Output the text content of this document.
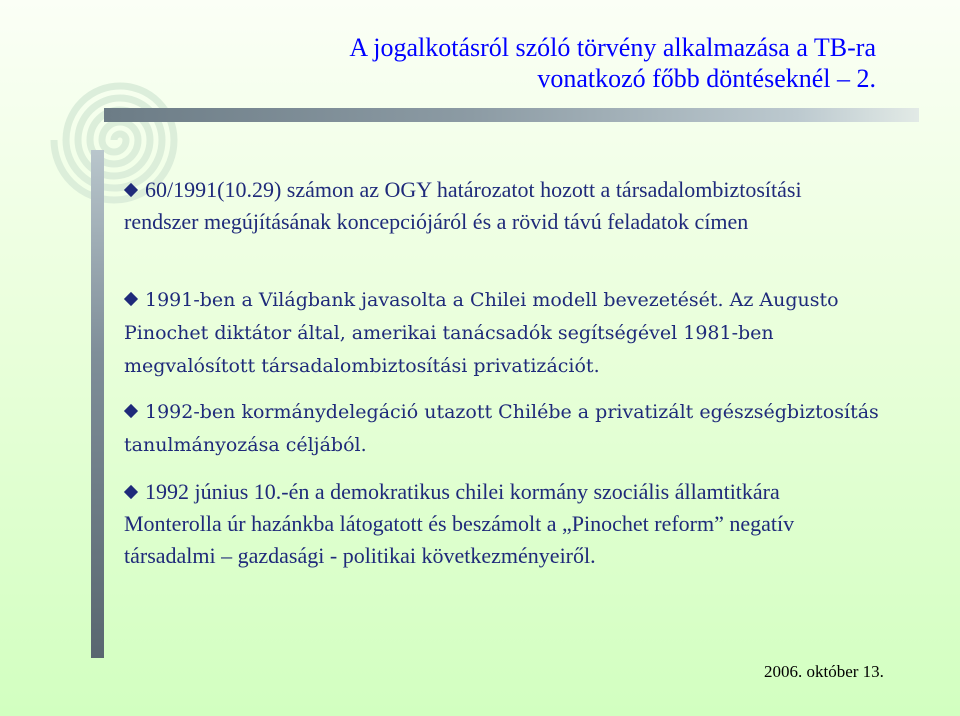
A jogalkotásról szóló törvény alkalmazása a TB-ra
vonatkozó főbb döntéseknél – 2.

60/1991(10.29) számon az OGY határozatot hozott a társadalombiztosítási rendszer megújításának koncepciójáról és a rövid távú feladatok címen

1991-ben a Világbank javasolta a Chilei modell bevezetését. Az Augusto Pinochet diktátor által, amerikai tanácsadók segítségével 1981-ben megvalósított társadalombiztosítási privatizációt.

1992-ben kormánydelegáció utazott Chilébe a privatizált egészségbiztosítás tanulmányozása céljából.

1992 június 10.-én a demokratikus chilei kormány szociális államtitkára Monterolla úr hazánkba látogatott és beszámolt a „Pinochet reform” negatív társadalmi – gazdasági - politikai következményeiről.

2006. október 13.
